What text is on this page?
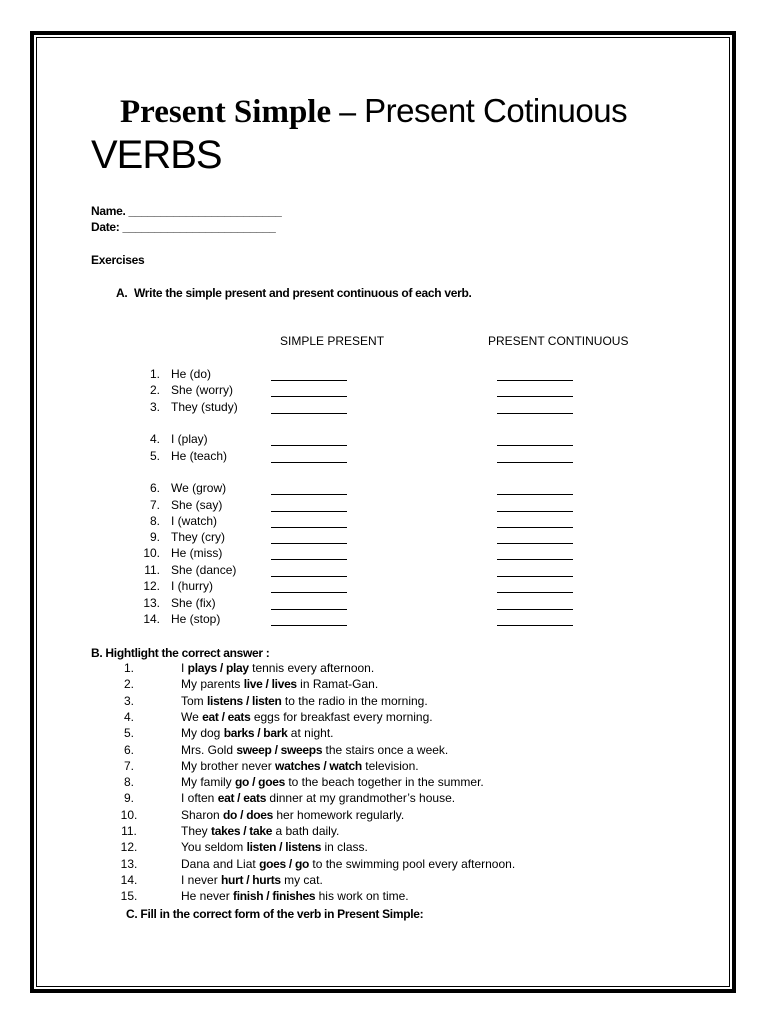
Present Simple – Present Cotinuous
VERBS
Name. ________________________
Date: ________________________
Exercises
A. Write the simple present and present continuous of each verb.
SIMPLE PRESENT	PRESENT CONTINUOUS
1. He (do)
2. She (worry)
3. They (study)
4. I (play)
5. He (teach)
6. We (grow)
7. She (say)
8. I (watch)
9. They (cry)
10. He (miss)
11. She (dance)
12. I (hurry)
13. She (fix)
14. He (stop)
B. Hightlight the correct answer :
1.	I plays / play tennis every afternoon.
2.	My parents live / lives in Ramat-Gan.
3.	Tom listens / listen to the radio in the morning.
4.	We eat / eats eggs for breakfast every morning.
5.	My dog barks / bark at night.
6.	Mrs. Gold sweep / sweeps the stairs once a week.
7.	My brother never watches / watch television.
8.	My family go / goes to the beach together in the summer.
9.	I often eat / eats dinner at my grandmother’s house.
10.	Sharon do / does her homework regularly.
11.	They takes / take a bath daily.
12.	You seldom listen / listens in class.
13.	Dana and Liat goes / go to the swimming pool every afternoon.
14.	I never hurt / hurts my cat.
15.	He never finish / finishes his work on time.
C. Fill in the correct form of the verb in Present Simple:
